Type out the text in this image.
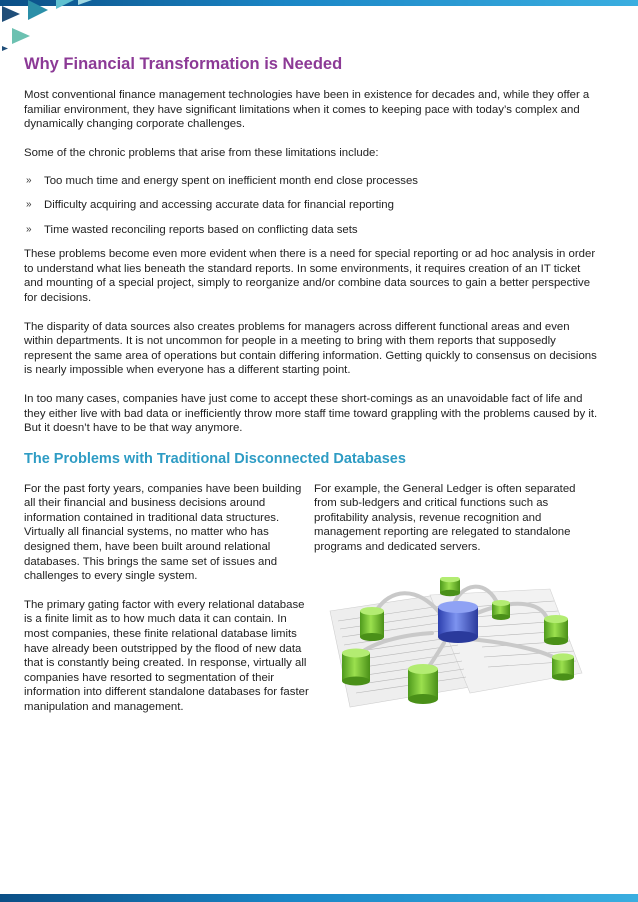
Why Financial Transformation is Needed

Most conventional finance management technologies have been in existence for decades and, while they offer a familiar environment, they have significant limitations when it comes to keeping pace with today’s complex and dynamically changing corporate challenges.

Some of the chronic problems that arise from these limitations include:

»	Too much time and energy spent on inefficient month end close processes
»	Difficulty acquiring and accessing accurate data for financial reporting
»	Time wasted reconciling reports based on conflicting data sets

These problems become even more evident when there is a need for special reporting or ad hoc analysis in order to understand what lies beneath the standard reports. In some environments, it requires creation of an IT ticket and mounting of a special project, simply to reorganize and/or combine data sources to gain a better perspective for decisions.

The disparity of data sources also creates problems for managers across different functional areas and even within departments. It is not uncommon for people in a meeting to bring with them reports that supposedly represent the same area of operations but contain differing information. Getting quickly to consensus on decisions is nearly impossible when everyone has a different starting point.

In too many cases, companies have just come to accept these short-comings as an unavoidable fact of life and they either live with bad data or inefficiently throw more staff time toward grappling with the problems caused by it. But it doesn’t have to be that way anymore.

The Problems with Traditional Disconnected Databases

For the past forty years, companies have been building all their financial and business decisions around information contained in traditional data structures. Virtually all financial systems, no matter who has designed them, have been built around relational databases. This brings the same set of issues and challenges to every single system.

The primary gating factor with every relational database is a finite limit as to how much data it can contain. In most companies, these finite relational database limits have already been outstripped by the flood of new data that is constantly being created. In response, virtually all companies have resorted to segmentation of their information into different standalone databases for faster manipulation and management.

For example, the General Ledger is often separated from sub-ledgers and critical functions such as profitability analysis, revenue recognition and management reporting are relegated to standalone programs and dedicated servers.
